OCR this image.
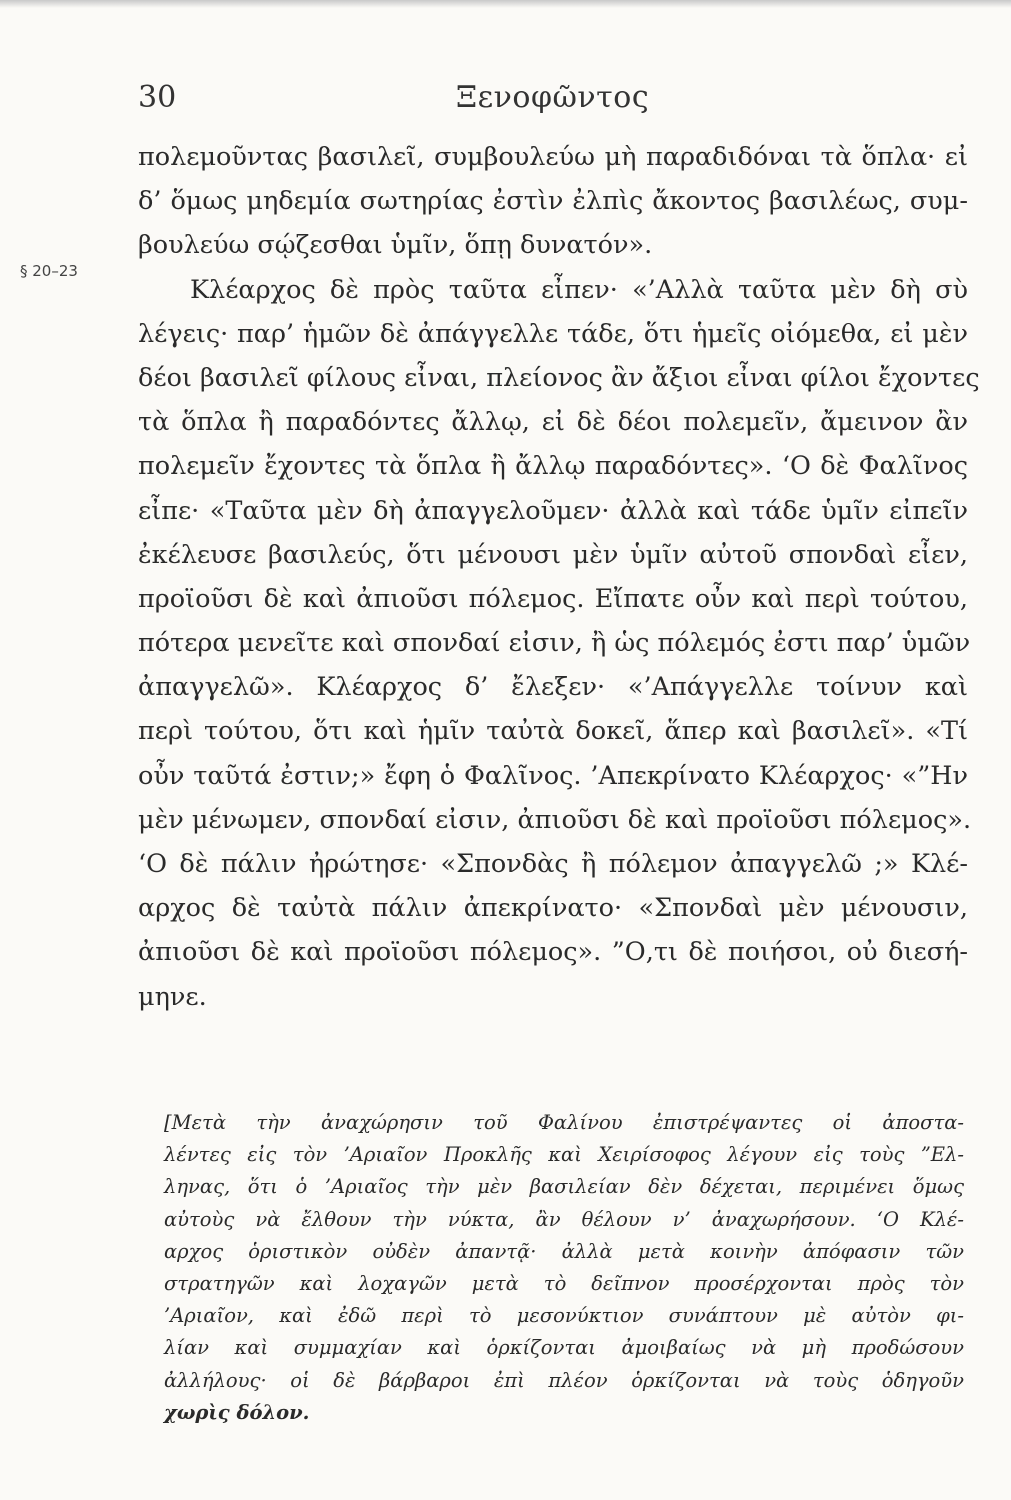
30	Ξενοφῶντος
§ 20–23
πολεμοῦντας βασιλεῖ, συμβουλεύω μὴ παραδιδόναι τὰ ὅπλα· εἰ
δ’ ὅμως μηδεμία σωτηρίας ἐστὶν ἐλπὶς ἄκοντος βασιλέως, συμ-
βουλεύω σῴζεσθαι ὑμῖν, ὅπῃ δυνατόν».
Κλέαρχος δὲ πρὸς ταῦτα εἶπεν· «’Αλλὰ ταῦτα μὲν δὴ σὺ
λέγεις· παρ’ ἡμῶν δὲ ἀπάγγελλε τάδε, ὅτι ἡμεῖς οἰόμεθα, εἰ μὲν
δέοι βασιλεῖ φίλους εἶναι, πλείονος ἂν ἄξιοι εἶναι φίλοι ἔχοντες
τὰ ὅπλα ἢ παραδόντες ἄλλῳ, εἰ δὲ δέοι πολεμεῖν, ἄμεινον ἂν
πολεμεῖν ἔχοντες τὰ ὅπλα ἢ ἄλλῳ παραδόντες». ‘Ο δὲ Φαλῖνος
εἶπε· «Ταῦτα μὲν δὴ ἀπαγγελοῦμεν· ἀλλὰ καὶ τάδε ὑμῖν εἰπεῖν
ἐκέλευσε βασιλεύς, ὅτι μένουσι μὲν ὑμῖν αὐτοῦ σπονδαὶ εἶεν,
προϊοῦσι δὲ καὶ ἀπιοῦσι πόλεμος. Εἴπατε οὖν καὶ περὶ τούτου,
πότερα μενεῖτε καὶ σπονδαί εἰσιν, ἢ ὡς πόλεμός ἐστι παρ’ ὑμῶν
ἀπαγγελῶ». Κλέαρχος δ’ ἔλεξεν· «’Απάγγελλε τοίνυν καὶ
περὶ τούτου, ὅτι καὶ ἡμῖν ταὐτὰ δοκεῖ, ἅπερ καὶ βασιλεῖ». «Τί
οὖν ταῦτά ἐστιν;» ἔφη ὁ Φαλῖνος. ’Απεκρίνατο Κλέαρχος· «”Ην
μὲν μένωμεν, σπονδαί εἰσιν, ἀπιοῦσι δὲ καὶ προϊοῦσι πόλεμος».
‘Ο δὲ πάλιν ἠρώτησε· «Σπονδὰς ἢ πόλεμον ἀπαγγελῶ ;» Κλέ-
αρχος δὲ ταὐτὰ πάλιν ἀπεκρίνατο· «Σπονδαὶ μὲν μένουσιν,
ἀπιοῦσι δὲ καὶ προϊοῦσι πόλεμος». ”Ο,τι δὲ ποιήσοι, οὐ διεσή-
μηνε.
[Μετὰ τὴν ἀναχώρησιν τοῦ Φαλίνου ἐπιστρέψαντες οἱ ἀποστα-
λέντες εἰς τὸν ’Αριαῖον Προκλῆς καὶ Χειρίσοφος λέγουν εἰς τοὺς ”Ελ-
ληνας, ὅτι ὁ ’Αριαῖος τὴν μὲν βασιλείαν δὲν δέχεται, περιμένει ὅμως
αὐτοὺς νὰ ἔλθουν τὴν νύκτα, ἂν θέλουν ν’ ἀναχωρήσουν. ‘Ο Κλέ-
αρχος ὁριστικὸν οὐδὲν ἀπαντᾷ· ἀλλὰ μετὰ κοινὴν ἀπόφασιν τῶν
στρατηγῶν καὶ λοχαγῶν μετὰ τὸ δεῖπνον προσέρχονται πρὸς τὸν
’Αριαῖον, καὶ ἐδῶ περὶ τὸ μεσονύκτιον συνάπτουν μὲ αὐτὸν φι-
λίαν καὶ συμμαχίαν καὶ ὁρκίζονται ἀμοιβαίως νὰ μὴ προδώσουν
ἀλλήλους· οἱ δὲ βάρβαροι ἐπὶ πλέον ὁρκίζονται νὰ τοὺς ὁδηγοῦν
χωρὶς δόλον.
